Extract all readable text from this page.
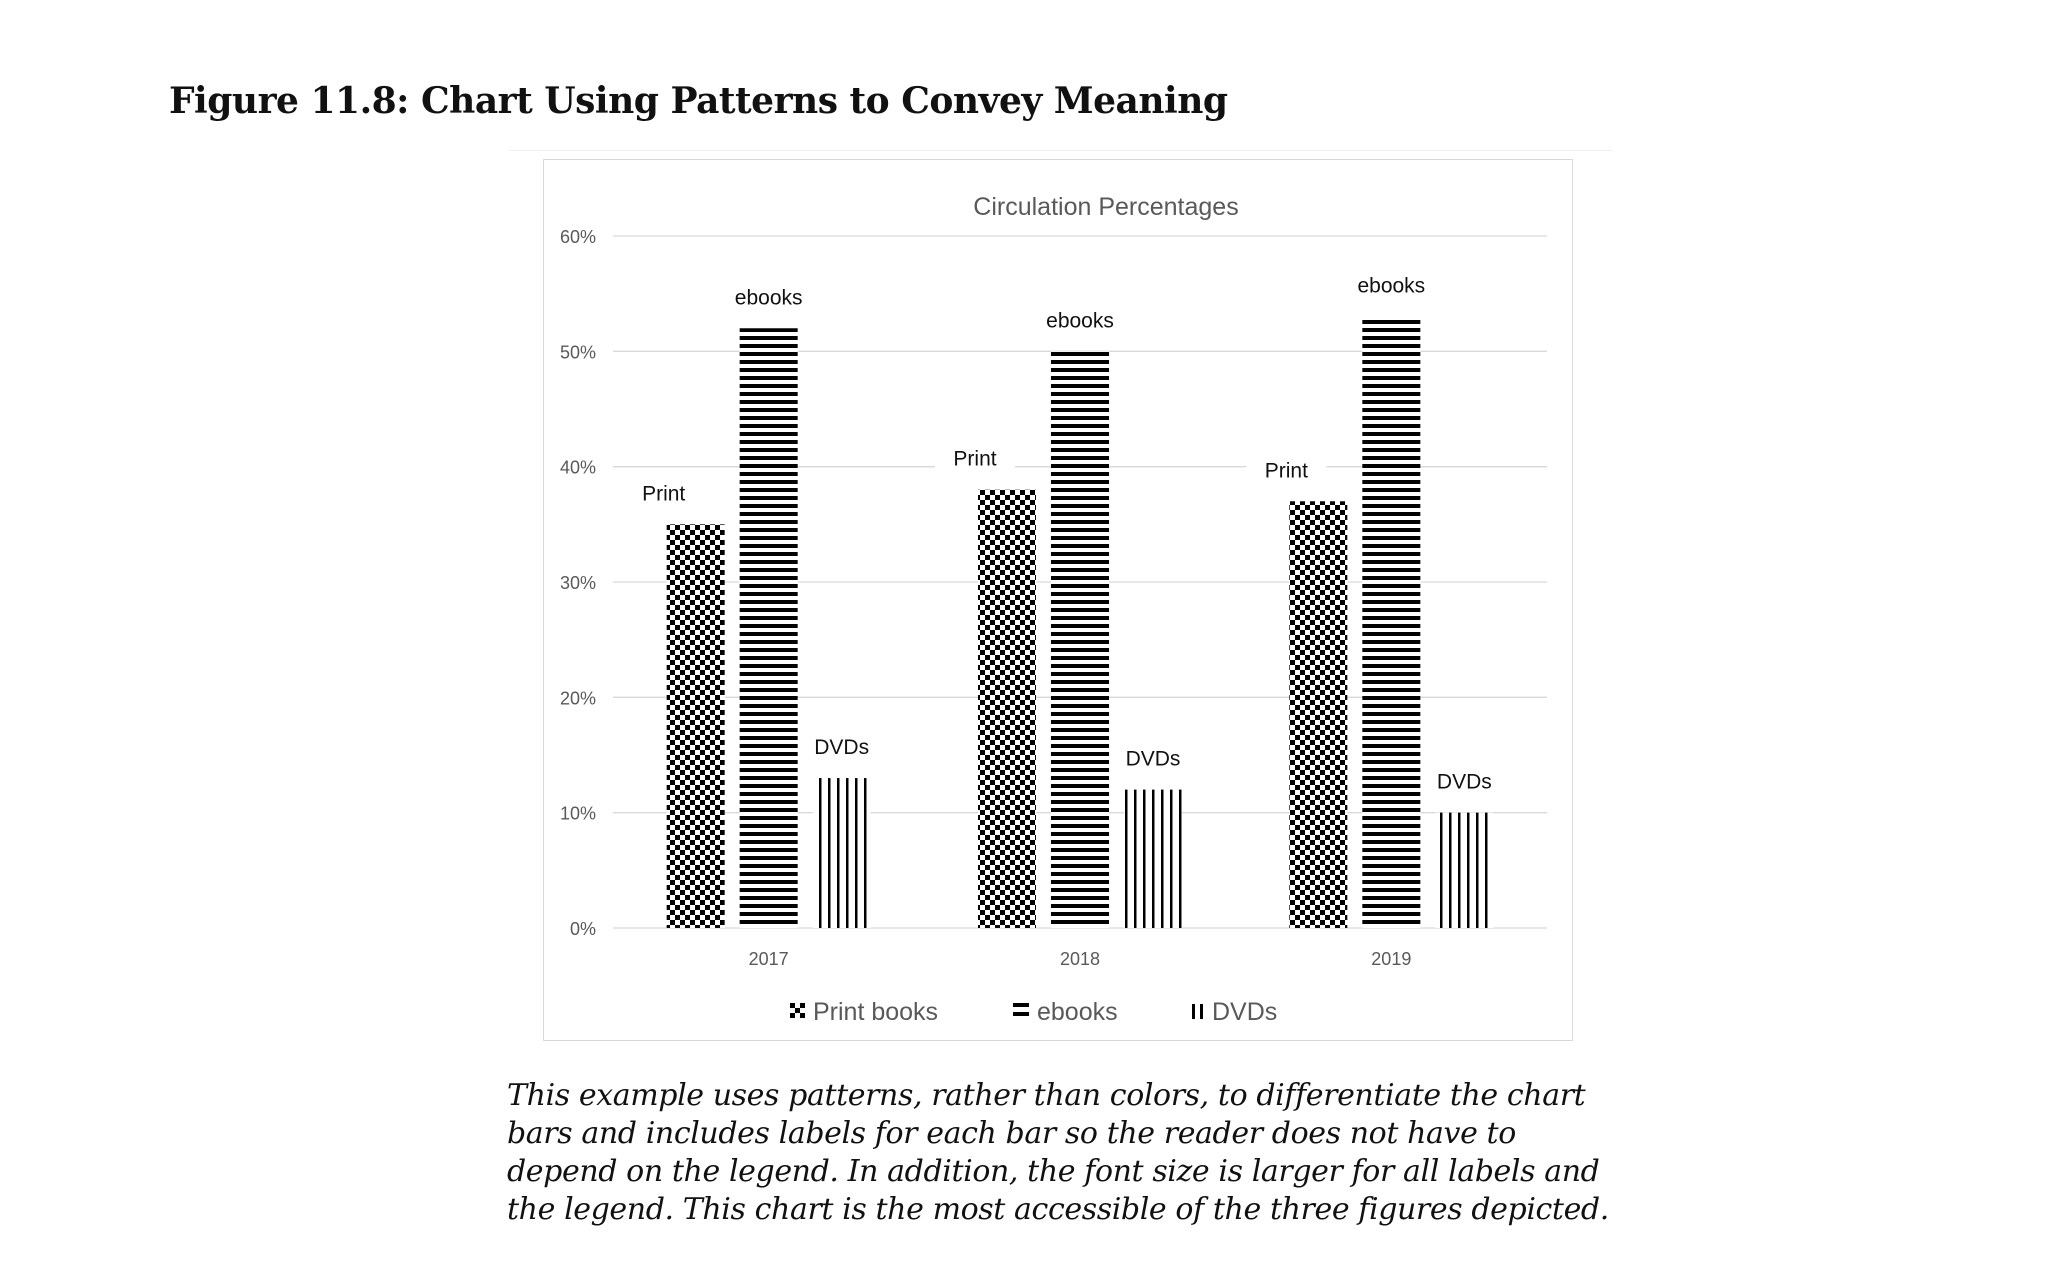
Figure 11.8: Chart Using Patterns to Convey Meaning
Circulation Percentages
0%
10%
20%
30%
40%
50%
60%
Print
ebooks
DVDs
Print
ebooks
DVDs
Print
ebooks
DVDs
2017	2018	2019
Print books	ebooks	DVDs
This example uses patterns, rather than colors, to differentiate the chart bars and includes labels for each bar so the reader does not have to depend on the legend. In addition, the font size is larger for all labels and the legend. This chart is the most accessible of the three figures depicted.
